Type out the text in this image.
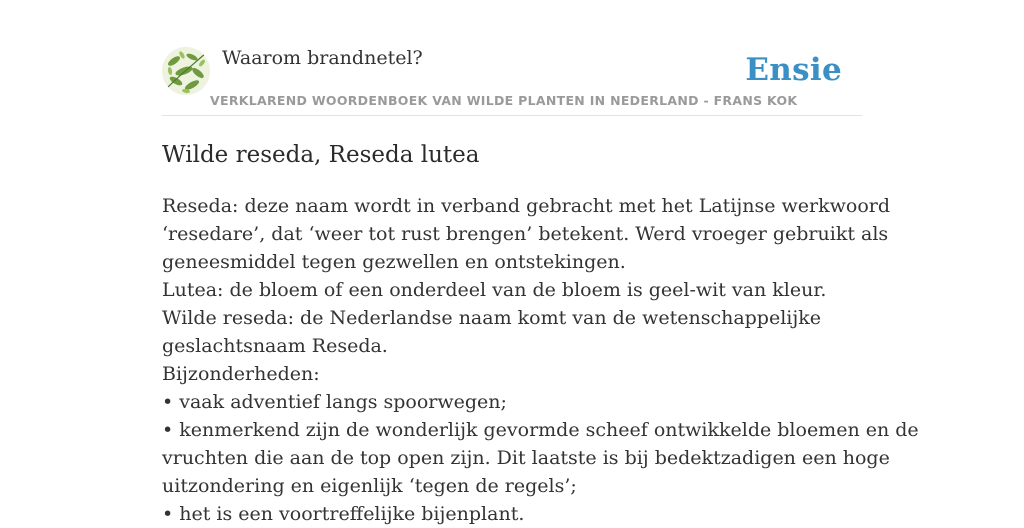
Waarom brandnetel?	Ensie
VERKLAREND WOORDENBOEK VAN WILDE PLANTEN IN NEDERLAND - FRANS KOK
Wilde reseda, Reseda lutea

Reseda: deze naam wordt in verband gebracht met het Latijnse werkwoord

‘resedare’, dat ‘weer tot rust brengen’ betekent. Werd vroeger gebruikt als

geneesmiddel tegen gezwellen en ontstekingen.

Lutea: de bloem of een onderdeel van de bloem is geel-wit van kleur.

Wilde reseda: de Nederlandse naam komt van de wetenschappelijke

geslachtsnaam Reseda.

Bijzonderheden:

• vaak adventief langs spoorwegen;

• kenmerkend zijn de wonderlijk gevormde scheef ontwikkelde bloemen en de

vruchten die aan de top open zijn. Dit laatste is bij bedektzadigen een hoge

uitzondering en eigenlijk ‘tegen de regels’;

• het is een voortreffelijke bijenplant.
